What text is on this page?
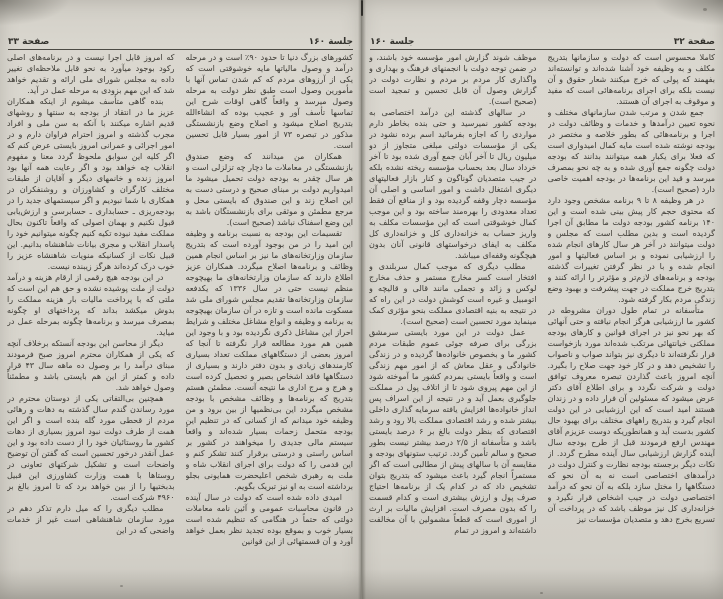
جلسة ۱۶۰
صفحة ۳۳

کشورهای بزرگ دنیا تا حدود ۹۰٪ است و در مرحله درآمد و وصول مالیاتها مایه خوشوقتی است که یکی از آرزوهای مردم که کم شدن تماس آنها با مأمورین وصول است طبق نظر دولت به مرحله وصول میرسد و واقعاً گاهی اوقات شرح این تماسها تأسف آور و عجیب بوده که انشاءالله بتدریج اصلاح میشود و اصلاح وضع بازنشستگی مذکور در تبصره ۷۳ از امور بسیار قابل تحسین است.

همکاران من میدانند که وضع صندوق بازنشستگی در معاملات ما دچار چه تزلزلی است و هر سال چقدر به بودجه دولت تحمیل میشود ما امیدواریم دولت بر مبنای صحیح و درستی دست به این اصلاح زند و این صندوق که بایستی محل و مرجع مطمئن و موثقی برای بازنشستگان باشد به این وضع اسفناک نباشد (صحیح است).

تقسیمات این بودجه به نسبت برنامه و وظیفه این امید را در من بوجود آورده است که بتدریج سازمان وزارتخانه‌های ما نیز بر اساس انجام همین وظائف و برنامه‌ها اصلاح میگردد. همکاران عزیز اطلاع دارند که سازمان وزارتخانه‌های ما بهیچوجه منظم نیست حتی در سال ۱۳۳۶ که یکدفعه سازمان وزارتخانه‌ها تقدیم مجلس شورای ملی شد مسکوت مانده است و تازه در آن سازمان بهیچوجه به برنامه و وظیفه و انواع مشاغل مختلف و شرایط احراز این مشاغل ذکری نگردیده بود و با وجود این همین هم مورد مطالعه قرار نگرفته تا آنجا که امروز بعضی از دستگاههای مملکت تعداد بسیاری کارمندهای زیادی و بدون دفتر دارند و بسیاری از دستگاهها فاقد اشخاص بصیر و تحصیل کرده است و هرج و مرج اداری ما نتیجه آنست. مطمئن هستم بتدریج که برنامه‌ها و وظائف مشخص با بودجه مشخص میگردد این بی‌نظمیها از بین برود و من وظیفه خود میدانم که از کسانی که در تنظیم این بودجه متحمل زحمات بسیار شده‌اند و واقعاً سیستم مالی جدیدی را میخواهند در کشور بر اساس راستی و درستی برقرار کنند تشکر کنم و این قدمی را که دولت برای اجرای انقلاب شاه و ملت به رهبری شخص اعلیحضرت همایونی بجلو برداشته است به او نیز تبریک بگویم.

امیدی داده شده است که دولت در سال آینده در قانون محاسبات عمومی و آئین نامه معاملات دولتی که حتماً در هنگامی که تنظیم شده است بسیار خوب و بموقع بوده تجدید نظر بعمل خواهد آورد و آن قسمتهائی از این قوانین

که امروز قابل اجرا نیست و در برنامه‌های اصلی رکود بوجود میآورد به نحو قابل ملاحظه‌ای تغییر داده به مجلس شورای ملی ارائه و تقدیم خواهد شد که این مهم بزودی به مرحله عمل در آید.

بنده گاهی متأسف میشوم از اینکه همکاران عزیز ما در انتقاد از بودجه به سنتها و روشهای قدیم اشاره میکنند با آنکه به سن ملی و افراد مجرب گذشته و امروز احترام فراوان دارم و در امور اجرائی و عمرانی امروز بایستی عرض کنم که اگر کلیه این سوابق ملحوظ گردد معنا و مفهوم انقلاب چه خواهد بود و اگر رعایت همه آنها بود امروز زنده و خانمهای دیگر و آقایان از طبقات مختلف کارگران و کشاورزان و روشنفکران در همکاری با شما نبودیم و اگر سیستمهای جدید را در بودجه‌ریزی ـ حسابداری ـ حسابرسی و ارزش‌یابی قبول نکنیم و بهمان اصولی که واقعاً تاکنون بحال مملکت مفید نبوده تکیه کنیم چگونه میتوانیم خود را پاسدار انقلاب و مجری بیانات شاهنشاه بدانیم. این قبیل نکات از کسانیکه منویات شاهنشاه عزیز را خوب درک کرده‌اند هرگز زیبنده نیست.

در این بودجه هیچ رقمی از ارقام هزینه و درآمد دولت از ملت پوشیده نشده و حق هم این است که ملتی که با پرداخت مالیات بار هزینه مملکت را بدوش میکشد بداند که پرداختهای او چگونه بمصرف میرسد و برنامه‌ها چگونه بمرحله عمل در میاید.

دیگر از محاسن این بودجه آنستکه برخلاف آنچه که یکی از همکاران محترم امروز صبح فرمودند مبنای درآمد را بر وصول ده ماهه سال ۴۳ قرار داده و کمتر از این هم بایستی باشد و مطمئناً وصول خواهد شد.

همچنین بی‌التفاتی یکی از دوستان محترم در مورد رساندن گندم سال گذشته به دهات و رهائی مردم از قحطی مورد گله بنده است و اگر این همت از طرف دولت نبود امروز بسیاری از دهات کشور ما روستائیان خود را از دست داده بود و این عمل آنقدر درخور تحسین است که گفتن آن توضیح واضحات است و تشکیل شرکتهای تعاونی در روستاها با همت وزارت کشاورزی این قبیل بدبختیها را از بین خواهد برد که تا امروز بالغ بر ۴۹۶۰ شرکت است.

مطلب دیگری را که میل دارم تذکر دهم در مورد سازمان شاهنشاهی است غیر از خدمات واضحی که در این

صفحة ۳۲
جلسة ۱۶۰

کاملا محسوس است که دولت و سازمانها بتدریج مکلف و به وظیفه خود آشنا شده‌اند و توانسته‌اند بفهمند که پولی که خرج میکنند شعار حقوق و آن نیست بلکه برای اجرای برنامه‌هائی است که مفید و موقوف به اجرای آن هستند.

جمع شدن و مرتب شدن سازمانهای مختلف و نحوه تعیین درآمدها و خدمات و وظائف دولت در اجرا و برنامه‌هائی که بطور خلاصه و مختصر در بودجه نوشته شده است مایه کمال امیدواری است که فعلا برای یکبار همه میتوانند بدانند که بودجه دولت چگونه جمع آوری شده و به چه نحو بمصرف میرسد و قید این برنامه‌ها در بودجه اهمیت خاصی دارد (صحیح است).

در هر وظیفه ۸ تا ۹ برنامه مشخص وجود دارد که محتوی حجم کار پیش بینی شده است و این ۱۴۰ برنامه کشور بودجه دولت ما مطابق آن اجرا گردیده است و بدین مطلب است که مجلس و دولت میتوانند در آخر هر سال کارهای انجام شده را ارزشیابی نموده و بر اساس فعالیتها و امور انجام شده و با در نظر گرفتن تغییرات گذشته بودجه و برنامه‌های لازم‌تر و مؤثرتر را ارائه کنند و بتدریج خرج مملکت در جهت پیشرفت و بهبود وضع زندگی مردم بکار گرفته شود.

متأسفانه در تمام طول دوران مشروطه در کشور ما ارزشیابی هرگز انجام نیافته و حتی آنهائی که بهر نحو نیز در اجرای قوانین و کارهای بودجه مملکتی خیانتهائی مرتکب شده‌اند مورد بازخواست قرار نگرفته‌اند تا دیگری نیز بتواند صواب و ناصواب را تشخیص دهد و در کار خود جهت صلاح را بگیرد. آنچه امروز باعث گذاردن تبصره معروف توافق دولت و شرکت نگردد و برای اطلاع آقای دکتر عرض میشود که مسئولین آن فرار داده و در زندان هستند امید است که این ارزشیابی در این دولت انجام گیرد و بتدریج راههای مختلف برای بهبود حال کشور بدست آید و همانطوریکه دوست عزیزم آقای مهندس ارفع فرمودند قبل از طرح بودجه سال آینده گزارش ارزشیابی سال آینده مطرح گردد. از نکات دیگر برجسته بودجه نظارت و کنترل دولت در درآمدهای اختصاصی است نه به آن نحو که دستگاهها را مختل سازد بلکه به آن نحو که درآمد اختصاصی دولت در جیب اشخاص قرار نگیرد و خزانه‌داری کل نیز موظف باشد که در پرداخت آن تسریع بخرج دهد و متصدیان مؤسسات نیز

موظف شوند گزارش امور مؤسسه خود باشند، و در ضمن توجه دولت با انجمنهای فرهنگ و بهداری و واگذاری کار مردم بر مردم و نظارت دولت در گزارش وصول آن قابل تحسین و تمجید است (صحیح است).

در سالهای گذشته این درآمد اختصاصی به بودجه کشور نمیرسید و حتی بنده بخاطر دارم مواردی را که اجازه بفرمائید اسم برده نشود در یکی از مؤسسات دولتی مبلغی متجاوز از دو میلیون ریال تا آخر آبان جمع آوری شده بود تا آخر خرداد سال بعد بحساب مؤسسه ریخته نشده بلکه در جیب متصدیان گوناگون و کنار بازار فعالیتهای دیگری اشتغال داشت و امور اساسی و اصلی آن مؤسسه دچار وقفه گردیده بود و از منافع آن فقط تعداد معدودی را بهره‌مند ساخته بود و این موجب کمال خوشوقتی است که این مؤسسات مکلف به واریز حساب به خزانه‌داری کل و خزانه‌داری کل مکلف به ایفای درخواستهای قانونی آنان بدون هیچگونه وقفه‌ای میباشد.

مطلب دیگری که موجب کمال سربلندی و افتخار است کسر مخارج مستمر و حذف مخارج لوکس و زائد و تجملی مانند قالی و قالیچه و اتومبیل و غیره است کوشش دولت در این راه که در نتیجه به بنیه اقتصادی مملکت بنحو مؤثری کمک مینماید مورد تحسین است (صحیح است).

عمل دولت در این مورد بایستی سرمشق بزرگی برای صرفه جوئی عموم طبقات مردم کشور ما و بخصوص خانواده‌ها گردیده و در زندگی خانوادگی و عقل معاش که از امور مهم زندگی است و واقعاً بایستی بمردم کشور ما آموخته شود از این مهم پیروی شود تا از اتلاف پول در مملکت جلوگیری بعمل آید و در نتیجه از این اسراف پس انداز خانواده‌ها افزایش یافته سرمایه گذاری داخلی بیشتر شده و رشد اقتصادی مملکت بالا رود و رشد اقتصادی که بنظر دولت بالغ بر ۶ درصد بایستی باشد و متأسفانه از ۲/۵ درصد بیشتر نیست بطور صحیح و سالم تأمین گردد. ترتیب ستونهای بودجه و مقایسه آن با سالهای پیش از مطالبی است که اگر مستمراً انجام گیرد باعث میشود که بتدریج بتوان تشخیص داد که در کدام یک از برنامه‌ها احتیاج صرف پول و ارزش بیشتری است و کدام قسمت را که بدون مصرف است. افزایش مالیات بر ارث از اموری است که قطعاً مشمولین با آن مخالفت داشته‌اند و امروز در تمام
